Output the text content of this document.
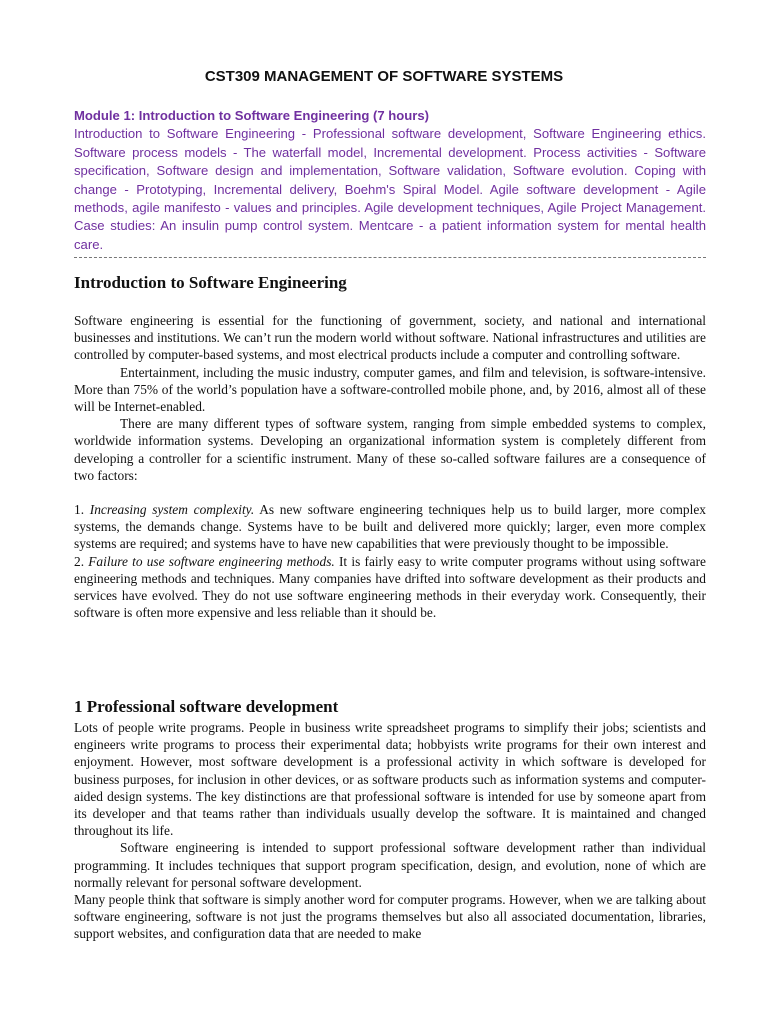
CST309 MANAGEMENT OF SOFTWARE SYSTEMS
Module 1: Introduction to Software Engineering (7 hours)
Introduction to Software Engineering - Professional software development, Software Engineering ethics. Software process models - The waterfall model, Incremental development. Process activities - Software specification, Software design and implementation, Software validation, Software evolution. Coping with change - Prototyping, Incremental delivery, Boehm's Spiral Model. Agile software development - Agile methods, agile manifesto - values and principles. Agile development techniques, Agile Project Management. Case studies: An insulin pump control system. Mentcare - a patient information system for mental health care.
Introduction to Software Engineering

Software engineering is essential for the functioning of government, society, and national and international businesses and institutions. We can’t run the modern world without software. National infrastructures and utilities are controlled by computer-based systems, and most electrical products include a computer and controlling software.

Entertainment, including the music industry, computer games, and film and television, is software-intensive. More than 75% of the world’s population have a software-controlled mobile phone, and, by 2016, almost all of these will be Internet-enabled.

There are many different types of software system, ranging from simple embedded systems to complex, worldwide information systems. Developing an organizational information system is completely different from developing a controller for a scientific instrument. Many of these so-called software failures are a consequence of two factors:

1. Increasing system complexity. As new software engineering techniques help us to build larger, more complex systems, the demands change. Systems have to be built and delivered more quickly; larger, even more complex systems are required; and systems have to have new capabilities that were previously thought to be impossible.

2. Failure to use software engineering methods. It is fairly easy to write computer programs without using software engineering methods and techniques. Many companies have drifted into software development as their products and services have evolved. They do not use software engineering methods in their everyday work. Consequently, their software is often more expensive and less reliable than it should be.

1 Professional software development

Lots of people write programs. People in business write spreadsheet programs to simplify their jobs; scientists and engineers write programs to process their experimental data; hobbyists write programs for their own interest and enjoyment. However, most software development is a professional activity in which software is developed for business purposes, for inclusion in other devices, or as software products such as information systems and computer-aided design systems. The key distinctions are that professional software is intended for use by someone apart from its developer and that teams rather than individuals usually develop the software. It is maintained and changed throughout its life.

Software engineering is intended to support professional software development rather than individual programming. It includes techniques that support program specification, design, and evolution, none of which are normally relevant for personal software development.

Many people think that software is simply another word for computer programs. However, when we are talking about software engineering, software is not just the programs themselves but also all associated documentation, libraries, support websites, and configuration data that are needed to make
